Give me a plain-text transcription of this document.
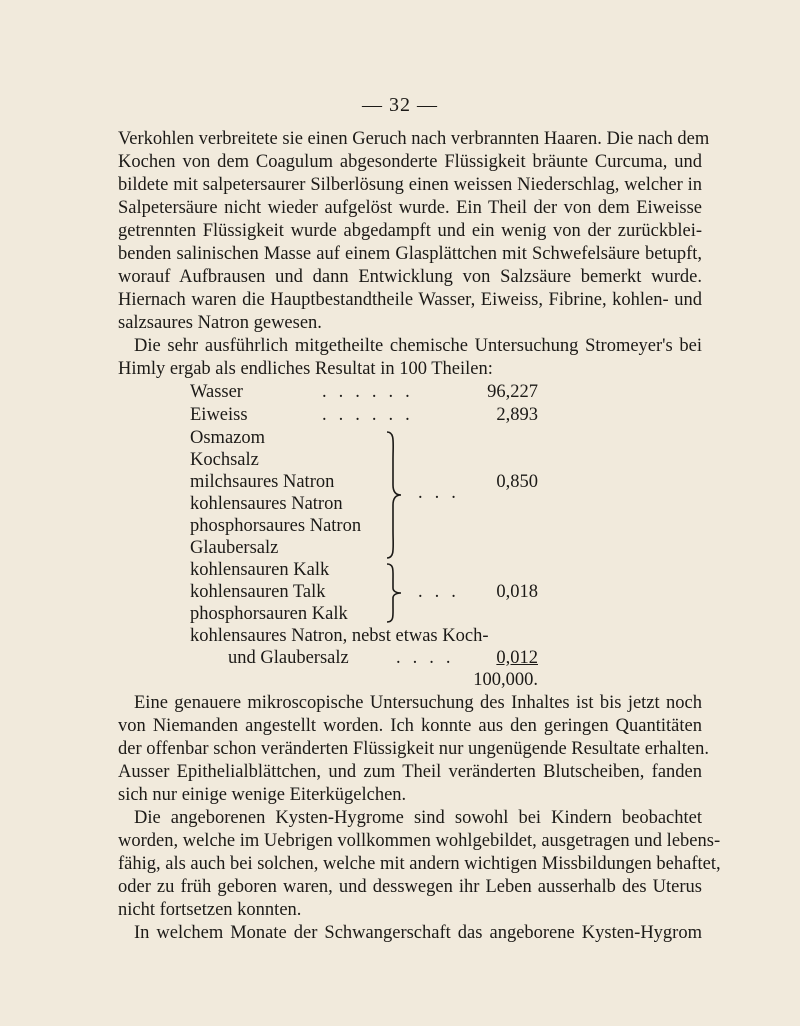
— 32 —
Verkohlen verbreitete sie einen Geruch nach verbrannten Haaren. Die nach dem
Kochen von dem Coagulum abgesonderte Flüssigkeit bräunte Curcuma, und
bildete mit salpetersaurer Silberlösung einen weissen Niederschlag, welcher in
Salpetersäure nicht wieder aufgelöst wurde. Ein Theil der von dem Eiweisse
getrennten Flüssigkeit wurde abgedampft und ein wenig von der zurückblei-
benden salinischen Masse auf einem Glasplättchen mit Schwefelsäure betupft,
worauf Aufbrausen und dann Entwicklung von Salzsäure bemerkt wurde.
Hiernach waren die Hauptbestandtheile Wasser, Eiweiss, Fibrine, kohlen- und
salzsaures Natron gewesen.
Die sehr ausführlich mitgetheilte chemische Untersuchung Stromeyer's bei
Himly ergab als endliches Resultat in 100 Theilen:
Wasser	......	96,227
Eiweiss	......	2,893
Osmazom
Kochsalz
milchsaures Natron
kohlensaures Natron
phosphorsaures Natron
Glaubersalz
...
0,850
kohlensauren Kalk
kohlensauren Talk
phosphorsauren Kalk
... 0,018
kohlensaures Natron, nebst etwas Koch-
und Glaubersalz	.... 0,012
100,000.
Eine genauere mikroscopische Untersuchung des Inhaltes ist bis jetzt noch
von Niemanden angestellt worden. Ich konnte aus den geringen Quantitäten
der offenbar schon veränderten Flüssigkeit nur ungenügende Resultate erhalten.
Ausser Epithelialblättchen, und zum Theil veränderten Blutscheiben, fanden
sich nur einige wenige Eiterkügelchen.
Die angeborenen Kysten-Hygrome sind sowohl bei Kindern beobachtet
worden, welche im Uebrigen vollkommen wohlgebildet, ausgetragen und lebens-
fähig, als auch bei solchen, welche mit andern wichtigen Missbildungen behaftet,
oder zu früh geboren waren, und desswegen ihr Leben ausserhalb des Uterus
nicht fortsetzen konnten.
In welchem Monate der Schwangerschaft das angeborene Kysten-Hygrom
